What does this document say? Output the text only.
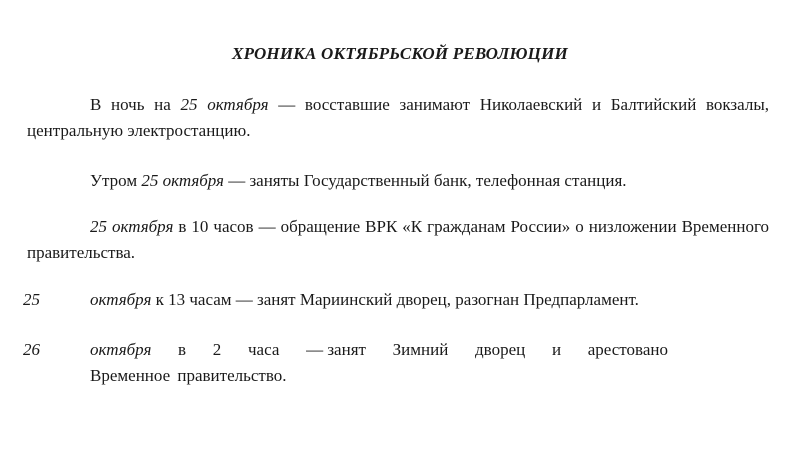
ХРОНИКА ОКТЯБРЬСКОЙ РЕВОЛЮЦИИ
В ночь на 25 октября — восставшие занимают Николаевский и Балтийский вокзалы, центральную электростанцию.
Утром 25 октября — заняты Государственный банк, телефонная станция.
25 октября в 10 часов — обращение ВРК «К гражданам России» о низложении Временного правительства.
25	октября к 13 часам — занят Мариинский дворец, разогнан Предпарламент.
26	октября в 2 часа — занят Зимний дворец и арестовано
Временное правительство.
